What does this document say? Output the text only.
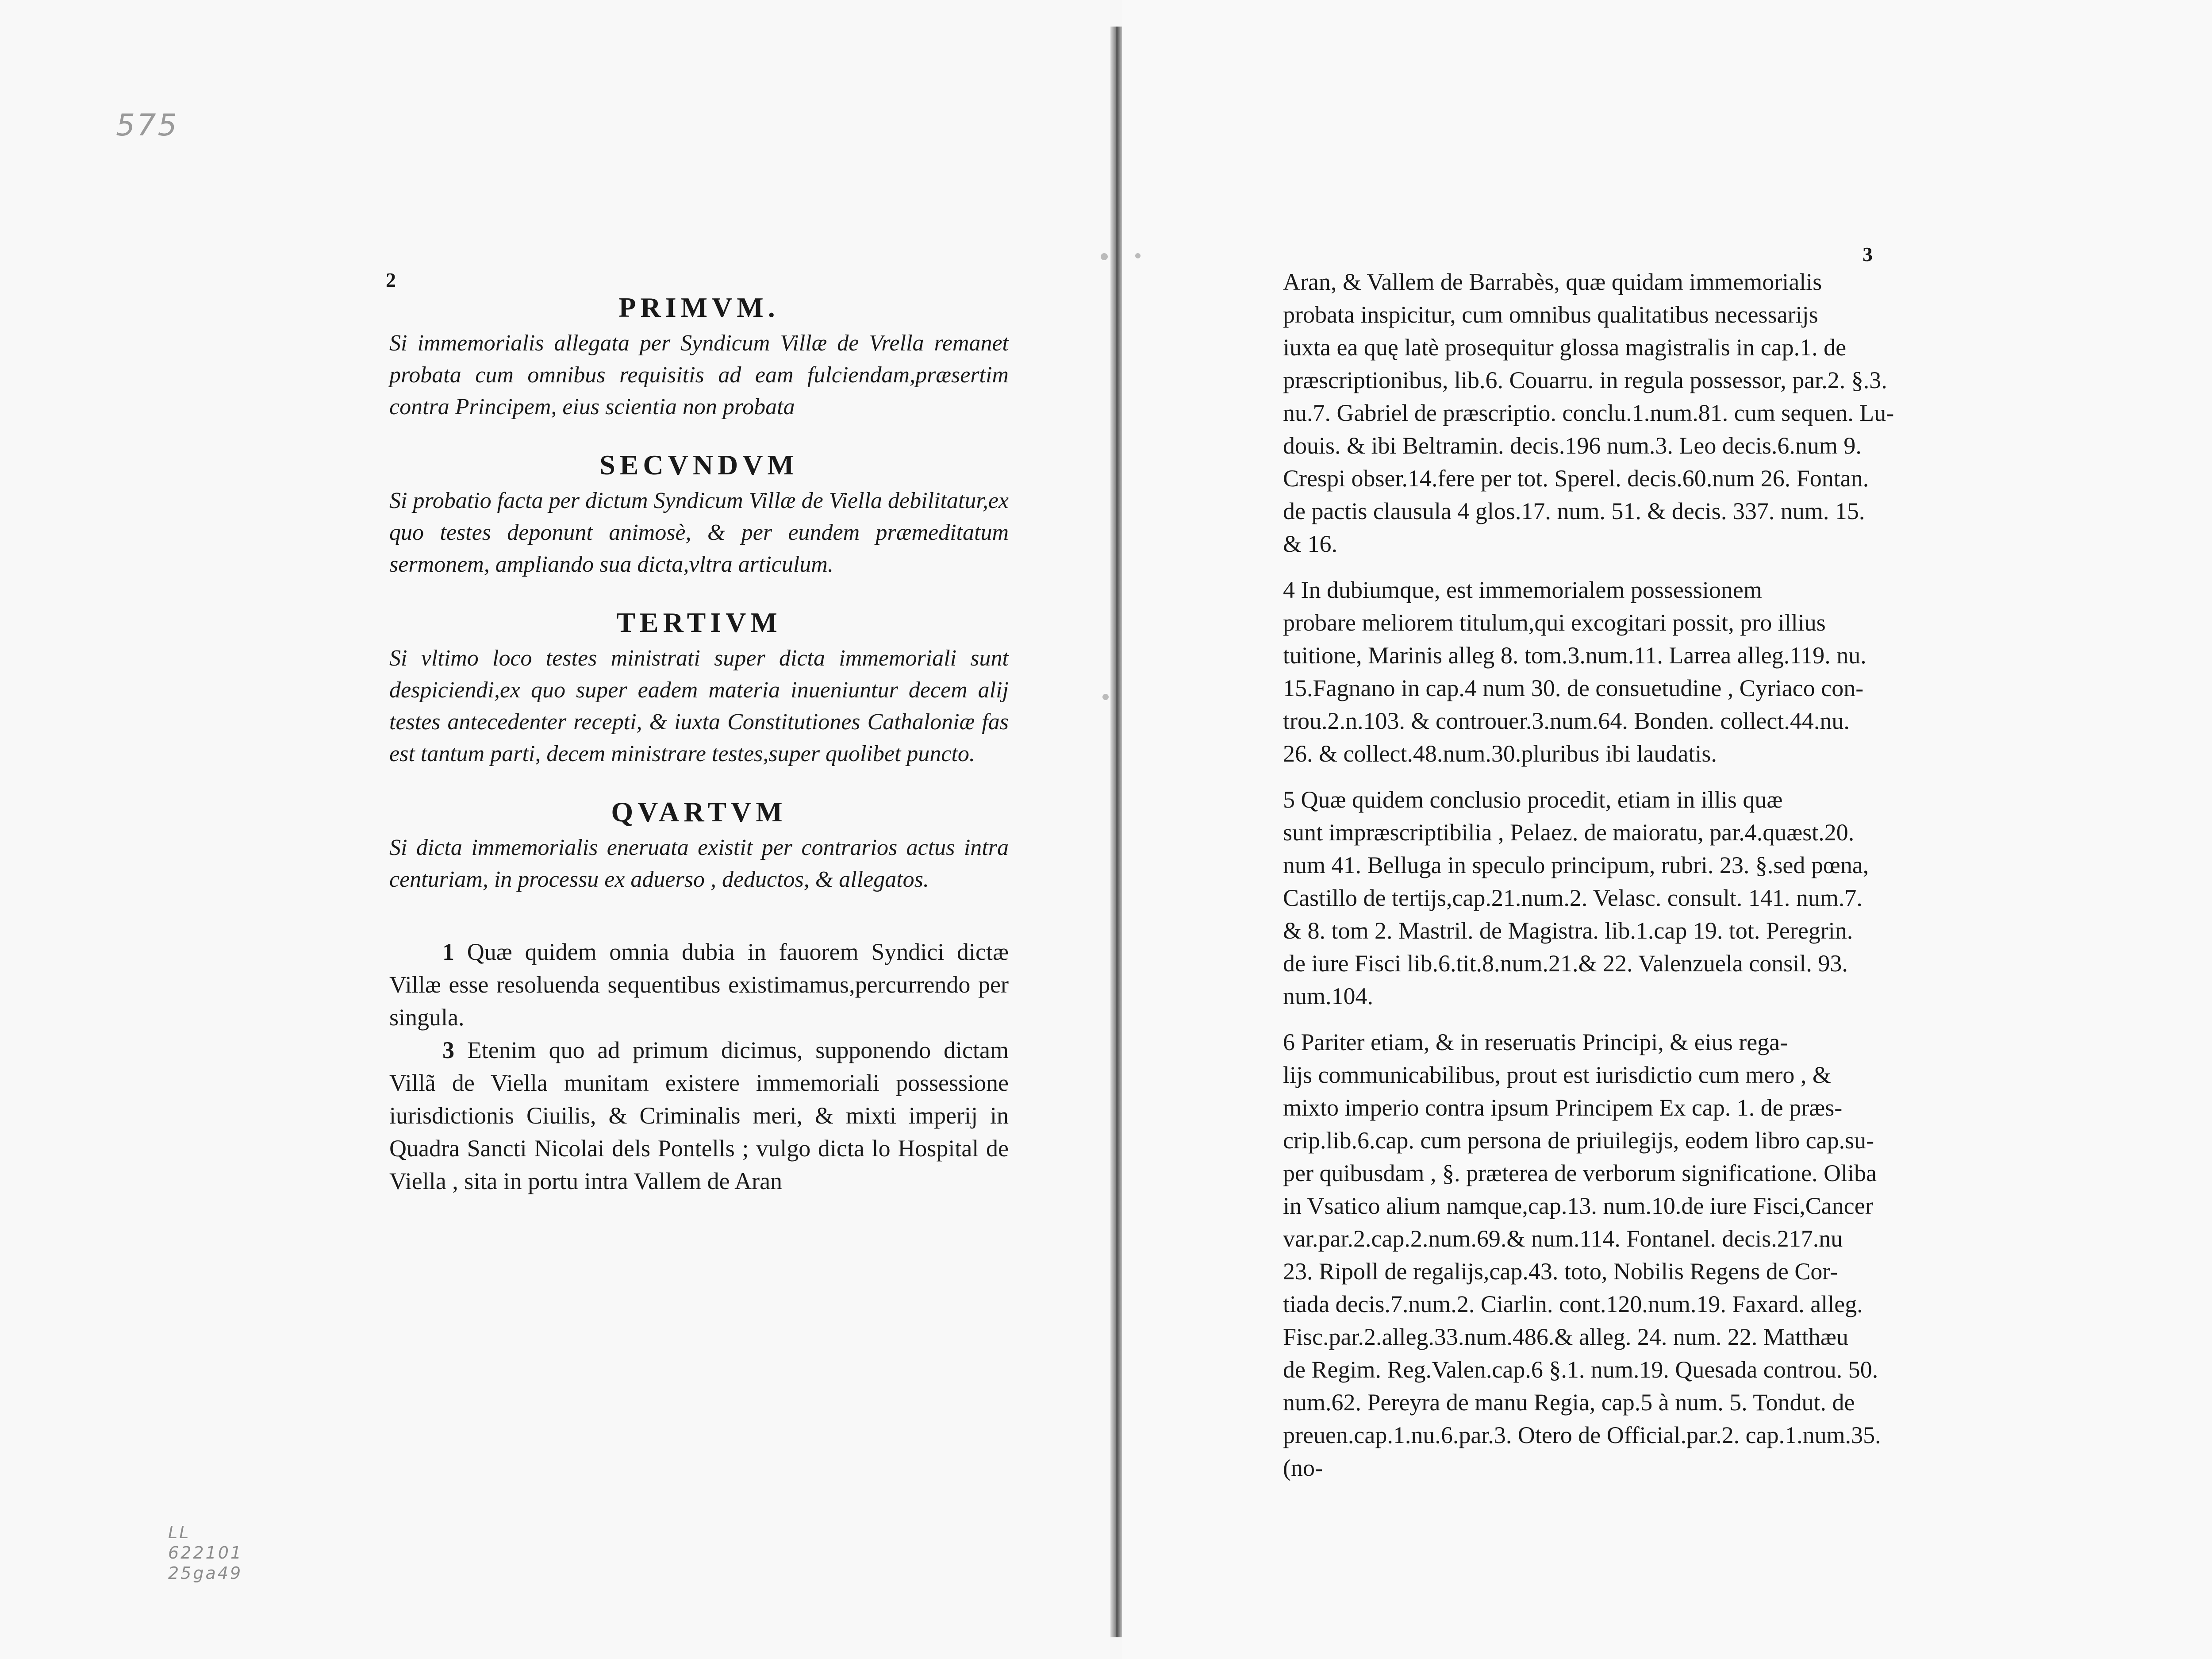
575
2
PRIMVM.

Si immemorialis allegata per Syndicum Villæ de Vrella remanet probata cum omnibus requisitis ad eam fulciendam,præsertim contra Principem, eius scientia non probata

SECVNDVM

Si probatio facta per dictum Syndicum Villæ de Viella debilitatur,ex quo testes deponunt animosè, & per eundem præmeditatum sermonem, ampliando sua dicta,vltra articulum.

TERTIVM

Si vltimo loco testes ministrati super dicta immemoriali sunt despiciendi,ex quo super eadem materia inueniuntur decem alij testes antecedenter recepti, & iuxta Constitutiones Cathaloniæ fas est tantum parti, decem ministrare testes,super quolibet puncto.

QVARTVM

Si dicta immemorialis eneruata existit per contrarios actus intra centuriam, in processu ex aduerso , deductos, & allegatos.

1 Quæ quidem omnia dubia in fauorem Syndici dictæ Villæ esse resoluenda sequentibus existimamus,percurrendo per singula.

3 Etenim quo ad primum dicimus, supponendo dictam Villã de Viella munitam existere immemoriali possessione iurisdictionis Ciuilis, & Criminalis meri, & mixti imperij in Quadra Sancti Nicolai dels Pontells ; vulgo dicta lo Hospital de Viella , sita in portu intra Vallem de Aran

LL
622101
25ga49
3
Aran, & Vallem de Barrabès, quæ quidam immemorialis
probata inspicitur, cum omnibus qualitatibus necessarijs
iuxta ea quę latè prosequitur glossa magistralis in cap.1. de
præscriptionibus, lib.6. Couarru. in regula possessor, par.2. §.3.
nu.7. Gabriel de præscriptio. conclu.1.num.81. cum sequen. Lu-
douis. & ibi Beltramin. decis.196 num.3. Leo decis.6.num 9.
Crespi obser.14.fere per tot. Sperel. decis.60.num 26. Fontan.
de pactis clausula 4 glos.17. num. 51. & decis. 337. num. 15.
& 16.
4 In dubiumque, est immemorialem possessionem
probare meliorem titulum,qui excogitari possit, pro illius
tuitione, Marinis alleg 8. tom.3.num.11. Larrea alleg.119. nu.
15.Fagnano in cap.4 num 30. de consuetudine , Cyriaco con-
trou.2.n.103. & controuer.3.num.64. Bonden. collect.44.nu.
26. & collect.48.num.30.pluribus ibi laudatis.
5 Quæ quidem conclusio procedit, etiam in illis quæ
sunt impræscriptibilia , Pelaez. de maioratu, par.4.quæst.20.
num 41. Belluga in speculo principum, rubri. 23. §.sed pœna,
Castillo de tertijs,cap.21.num.2. Velasc. consult. 141. num.7.
& 8. tom 2. Mastril. de Magistra. lib.1.cap 19. tot. Peregrin.
de iure Fisci lib.6.tit.8.num.21.& 22. Valenzuela consil. 93.
num.104.
6 Pariter etiam, & in reseruatis Principi, & eius rega-
lijs communicabilibus, prout est iurisdictio cum mero , &
mixto imperio contra ipsum Principem Ex cap. 1. de præs-
crip.lib.6.cap. cum persona de priuilegijs, eodem libro cap.su-
per quibusdam , §. præterea de verborum significatione. Oliba
in Vsatico alium namque,cap.13. num.10.de iure Fisci,Cancer
var.par.2.cap.2.num.69.& num.114. Fontanel. decis.217.nu
23. Ripoll de regalijs,cap.43. toto, Nobilis Regens de Cor-
tiada decis.7.num.2. Ciarlin. cont.120.num.19. Faxard. alleg.
Fisc.par.2.alleg.33.num.486.& alleg. 24. num. 22. Matthæu
de Regim. Reg.Valen.cap.6 §.1. num.19. Quesada controu. 50.
num.62. Pereyra de manu Regia, cap.5 à num. 5. Tondut. de
preuen.cap.1.nu.6.par.3. Otero de Official.par.2. cap.1.num.35.
(no-
